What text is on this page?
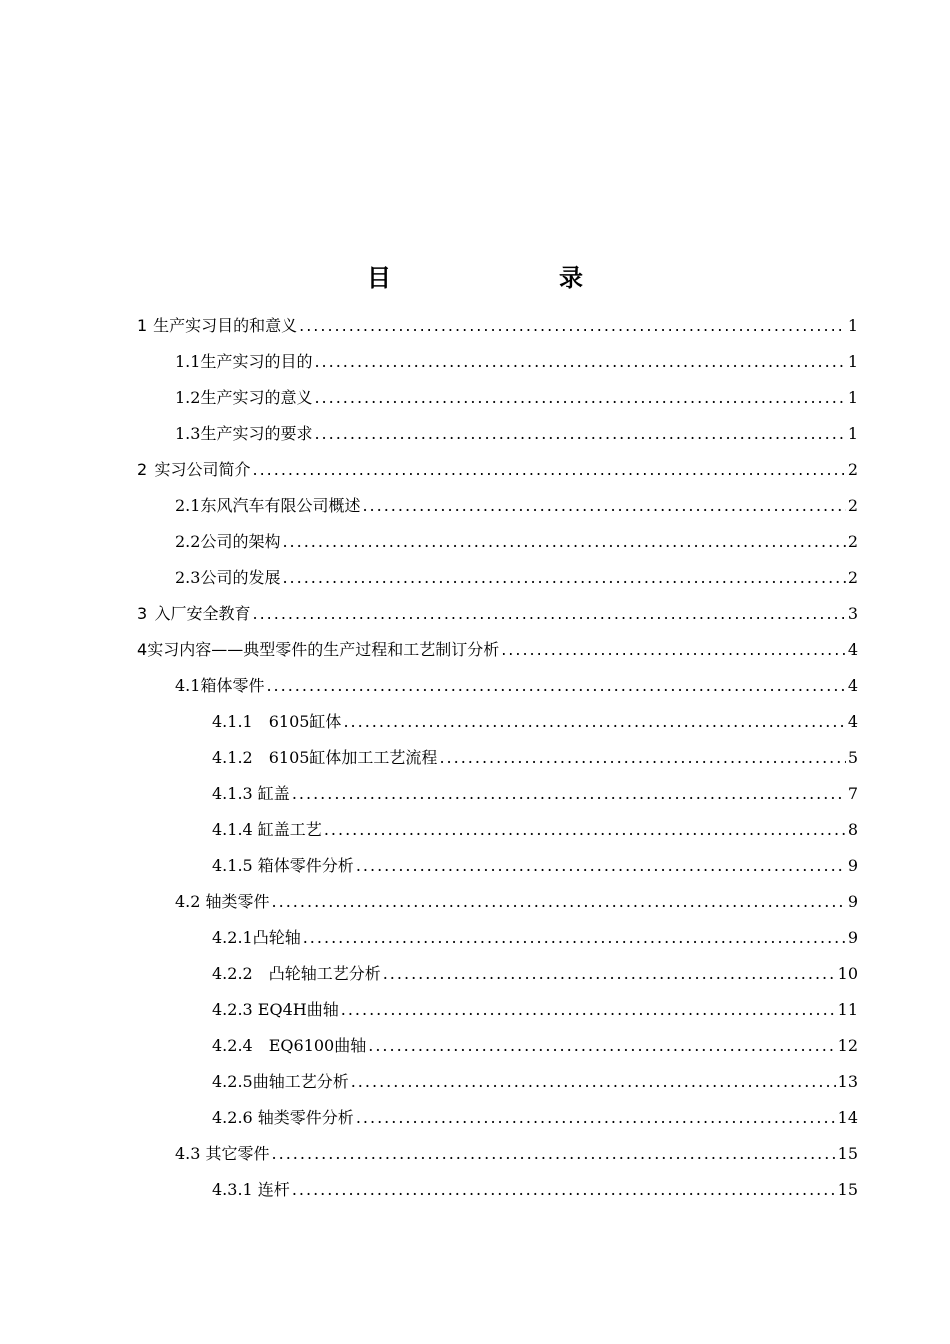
目　　录
1 生产实习目的和意义 .....	1
1.1生产实习的目的 .....	1
1.2生产实习的意义 .....	1
1.3生产实习的要求 .....	1
2 实习公司简介 .....	2
2.1东风汽车有限公司概述 .....	2
2.2公司的架构 .....	2
2.3公司的发展 .....	2
3 入厂安全教育 .....	3
4 实习内容——典型零件的生产过程和工艺制订分析 .....	4
4.1箱体零件 .....	4
4.1.1　6105缸体 .....	4
4.1.2　6105缸体加工工艺流程 .....	5
4.1.3 缸盖 .....	7
4.1.4 缸盖工艺 .....	8
4.1.5 箱体零件分析 .....	9
4.2 轴类零件 .....	9
4.2.1凸轮轴 .....	9
4.2.2　凸轮轴工艺分析 .....	10
4.2.3 EQ4H曲轴 .....	11
4.2.4　EQ6100曲轴 .....	12
4.2.5曲轴工艺分析 .....	13
4.2.6 轴类零件分析 .....	14
4.3 其它零件 .....	15
4.3.1 连杆 .....	15
